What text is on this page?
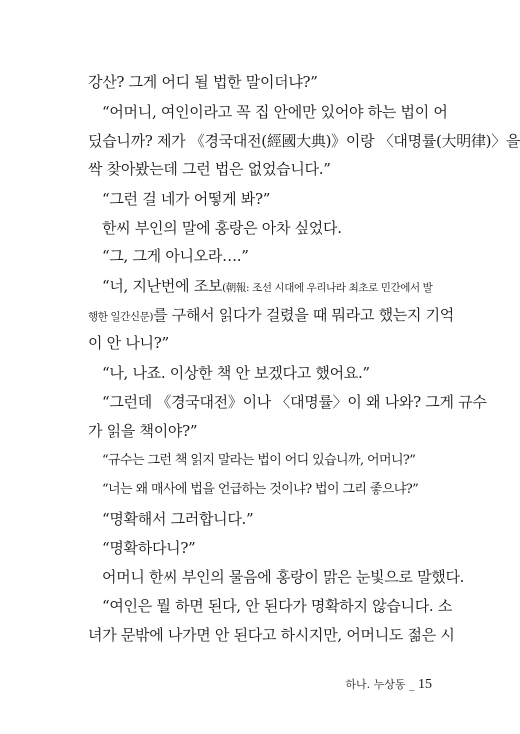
강산? 그게 어디 될 법한 말이더냐?”
“어머니, 여인이라고 꼭 집 안에만 있어야 하는 법이 어
딨습니까? 제가 《경국대전(經國大典)》이랑 〈대명률(大明律)〉을
싹 찾아봤는데 그런 법은 없었습니다.”
“그런 걸 네가 어떻게 봐?”
한씨 부인의 말에 홍랑은 아차 싶었다.
“그, 그게 아니오라….”
“너, 지난번에 조보(朝報: 조선 시대에 우리나라 최초로 민간에서 발
행한 일간신문)를 구해서 읽다가 걸렸을 때 뭐라고 했는지 기억
이 안 나니?”
“나, 나죠. 이상한 책 안 보겠다고 했어요.”
“그런데 《경국대전》이나 〈대명률〉이 왜 나와? 그게 규수
가 읽을 책이야?”
“규수는 그런 책 읽지 말라는 법이 어디 있습니까, 어머니?”
“너는 왜 매사에 법을 언급하는 것이냐? 법이 그리 좋으냐?”
“명확해서 그러합니다.”
“명확하다니?”
어머니 한씨 부인의 물음에 홍랑이 맑은 눈빛으로 말했다.
“여인은 뭘 하면 된다, 안 된다가 명확하지 않습니다. 소
녀가 문밖에 나가면 안 된다고 하시지만, 어머니도 젊은 시
하나. 누상동 _ 15
